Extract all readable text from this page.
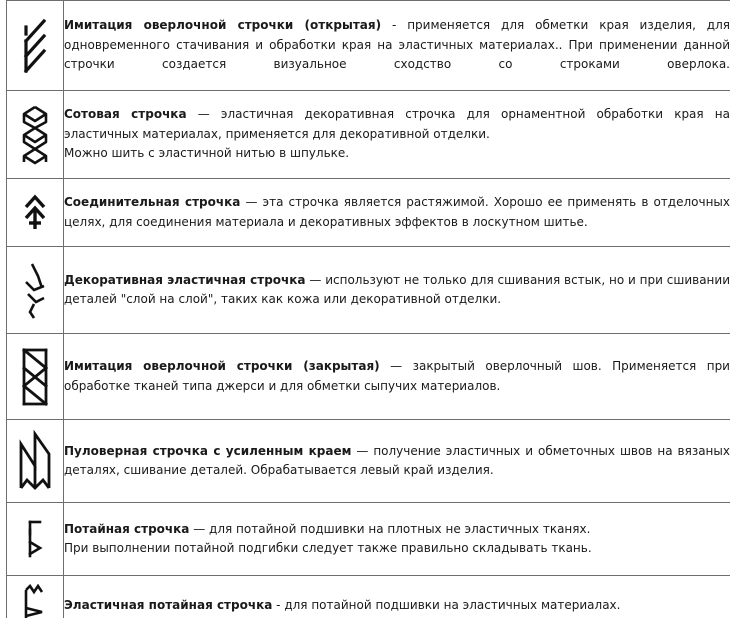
Имитация оверлочной строчки (открытая) - применяется для обметки края изделия, для одновременного стачивания и обработки края на эластичных материалах.. При применении данной строчки создается визуальное сходство со строками оверлока.

Сотовая строчка — эластичная декоративная строчка для орнаментной обработки края на эластичных материалах, применяется для декоративной отделки.
Можно шить с эластичной нитью в шпульке.

Соединительная строчка — эта строчка является растяжимой. Хорошо ее применять в отделочных целях, для соединения материала и декоративных эффектов в лоскутном шитье.

Декоративная эластичная строчка — используют не только для сшивания встык, но и при сшивании деталей "слой на слой", таких как кожа или декоративной отделки.

Имитация оверлочной строчки (закрытая) — закрытый оверлочный шов. Применяется при обработке тканей типа джерси и для обметки сыпучих материалов.

Пуловерная строчка с усиленным краем — получение эластичных и обметочных швов на вязаных деталях, сшивание деталей. Обрабатывается левый край изделия.

Потайная строчка — для потайной подшивки на плотных не эластичных тканях.
При выполнении потайной подгибки следует также правильно складывать ткань.

Эластичная потайная строчка - для потайной подшивки на эластичных материалах.
